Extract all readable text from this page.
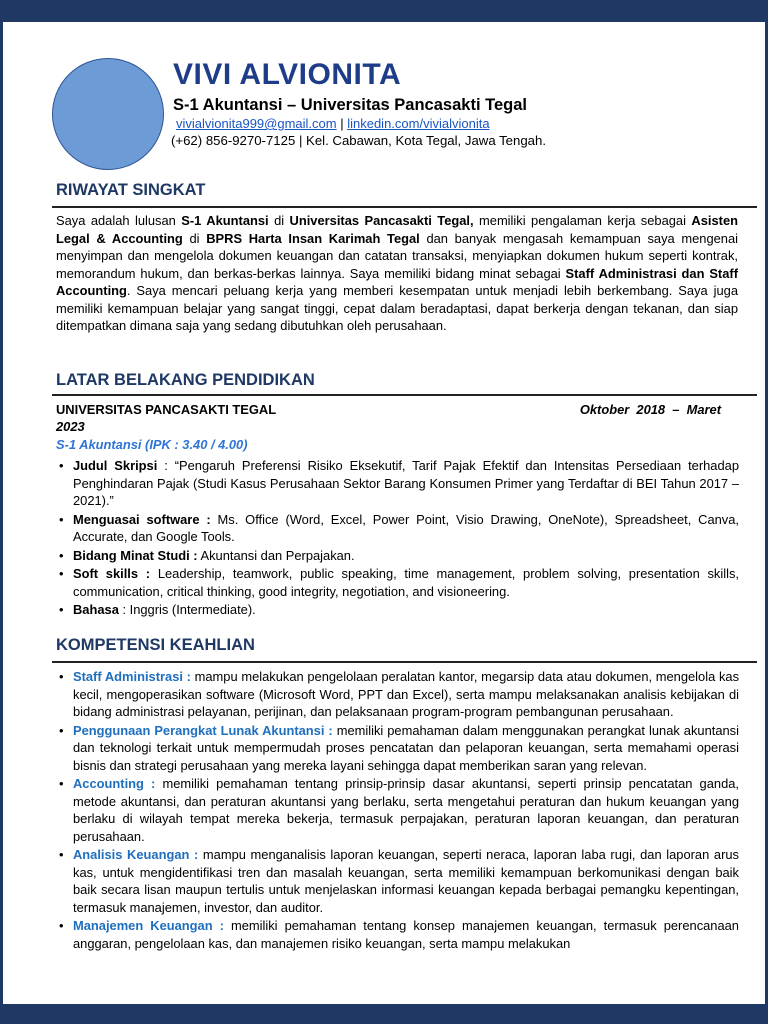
VIVI ALVIONITA
S-1 Akuntansi – Universitas Pancasakti Tegal
vivialvionita999@gmail.com | linkedin.com/vivialvionita
(+62) 856-9270-7125 | Kel. Cabawan, Kota Tegal, Jawa Tengah.
RIWAYAT SINGKAT

Saya adalah lulusan S-1 Akuntansi di Universitas Pancasakti Tegal, memiliki pengalaman kerja sebagai Asisten Legal & Accounting di BPRS Harta Insan Karimah Tegal dan banyak mengasah kemampuan saya mengenai menyimpan dan mengelola dokumen keuangan dan catatan transaksi, menyiapkan dokumen hukum seperti kontrak, memorandum hukum, dan berkas-berkas lainnya. Saya memiliki bidang minat sebagai Staff Administrasi dan Staff Accounting. Saya mencari peluang kerja yang memberi kesempatan untuk menjadi lebih berkembang. Saya juga memiliki kemampuan belajar yang sangat tinggi, cepat dalam beradaptasi, dapat berkerja dengan tekanan, dan siap ditempatkan dimana saja yang sedang dibutuhkan oleh perusahaan.

LATAR BELAKANG PENDIDIKAN
UNIVERSITAS PANCASAKTI TEGAL	Oktober  2018  –  Maret
2023
S-1 Akuntansi (IPK : 3.40 / 4.00)
• Judul Skripsi : “Pengaruh Preferensi Risiko Eksekutif, Tarif Pajak Efektif dan Intensitas Persediaan terhadap Penghindaran Pajak (Studi Kasus Perusahaan Sektor Barang Konsumen Primer yang Terdaftar di BEI Tahun 2017 – 2021).”
• Menguasai software : Ms. Office (Word, Excel, Power Point, Visio Drawing, OneNote), Spreadsheet, Canva, Accurate, dan Google Tools.
• Bidang Minat Studi : Akuntansi dan Perpajakan.
• Soft skills : Leadership, teamwork, public speaking, time management, problem solving, presentation skills, communication, critical thinking, good integrity, negotiation, and visioneering.
• Bahasa : Inggris (Intermediate).
KOMPETENSI KEAHLIAN
• Staff Administrasi : mampu melakukan pengelolaan peralatan kantor, megarsip data atau dokumen, mengelola kas kecil, mengoperasikan software (Microsoft Word, PPT dan Excel), serta mampu melaksanakan analisis kebijakan di bidang administrasi pelayanan, perijinan, dan pelaksanaan program-program pembangunan perusahaan.
• Penggunaan Perangkat Lunak Akuntansi : memiliki pemahaman dalam menggunakan perangkat lunak akuntansi dan teknologi terkait untuk mempermudah proses pencatatan dan pelaporan keuangan, serta memahami operasi bisnis dan strategi perusahaan yang mereka layani sehingga dapat memberikan saran yang relevan.
• Accounting : memiliki pemahaman tentang prinsip-prinsip dasar akuntansi, seperti prinsip pencatatan ganda, metode akuntansi, dan peraturan akuntansi yang berlaku, serta mengetahui peraturan dan hukum keuangan yang berlaku di wilayah tempat mereka bekerja, termasuk perpajakan, peraturan laporan keuangan, dan peraturan perusahaan.
• Analisis Keuangan : mampu menganalisis laporan keuangan, seperti neraca, laporan laba rugi, dan laporan arus kas, untuk mengidentifikasi tren dan masalah keuangan, serta memiliki kemampuan berkomunikasi dengan baik baik secara lisan maupun tertulis untuk menjelaskan informasi keuangan kepada berbagai pemangku kepentingan, termasuk manajemen, investor, dan auditor.
• Manajemen Keuangan : memiliki pemahaman tentang konsep manajemen keuangan, termasuk perencanaan anggaran, pengelolaan kas, dan manajemen risiko keuangan, serta mampu melakukan
